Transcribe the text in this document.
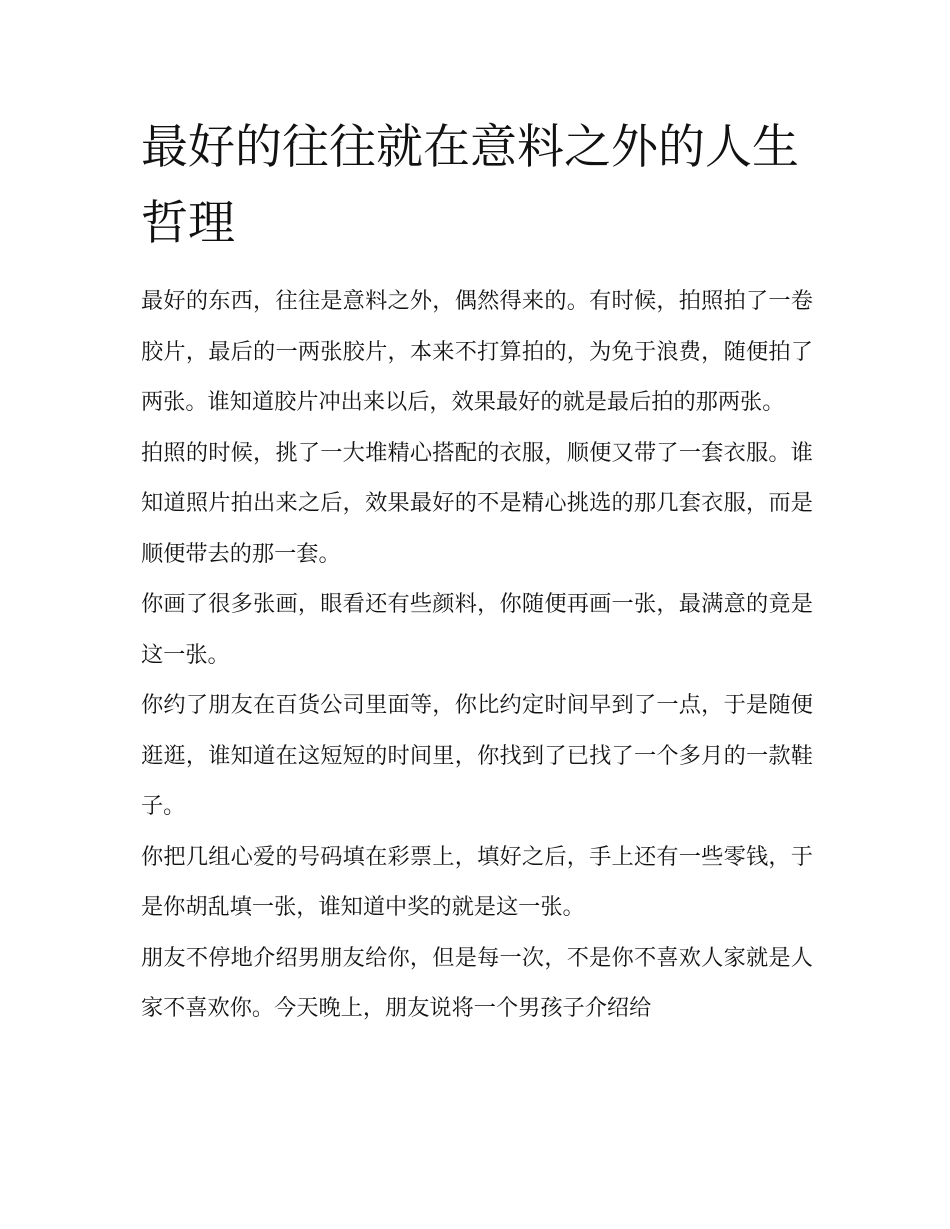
最好的往往就在意料之外的人生哲理

最好的东西，往往是意料之外，偶然得来的。有时候，拍照拍了一卷胶片，最后的一两张胶片，本来不打算拍的，为免于浪费，随便拍了两张。谁知道胶片冲出来以后，效果最好的就是最后拍的那两张。

拍照的时候，挑了一大堆精心搭配的衣服，顺便又带了一套衣服。谁知道照片拍出来之后，效果最好的不是精心挑选的那几套衣服，而是顺便带去的那一套。

你画了很多张画，眼看还有些颜料，你随便再画一张，最满意的竟是这一张。

你约了朋友在百货公司里面等，你比约定时间早到了一点，于是随便逛逛，谁知道在这短短的时间里，你找到了已找了一个多月的一款鞋子。

你把几组心爱的号码填在彩票上，填好之后，手上还有一些零钱，于是你胡乱填一张，谁知道中奖的就是这一张。

朋友不停地介绍男朋友给你，但是每一次，不是你不喜欢人家就是人家不喜欢你。今天晚上，朋友说将一个男孩子介绍给
